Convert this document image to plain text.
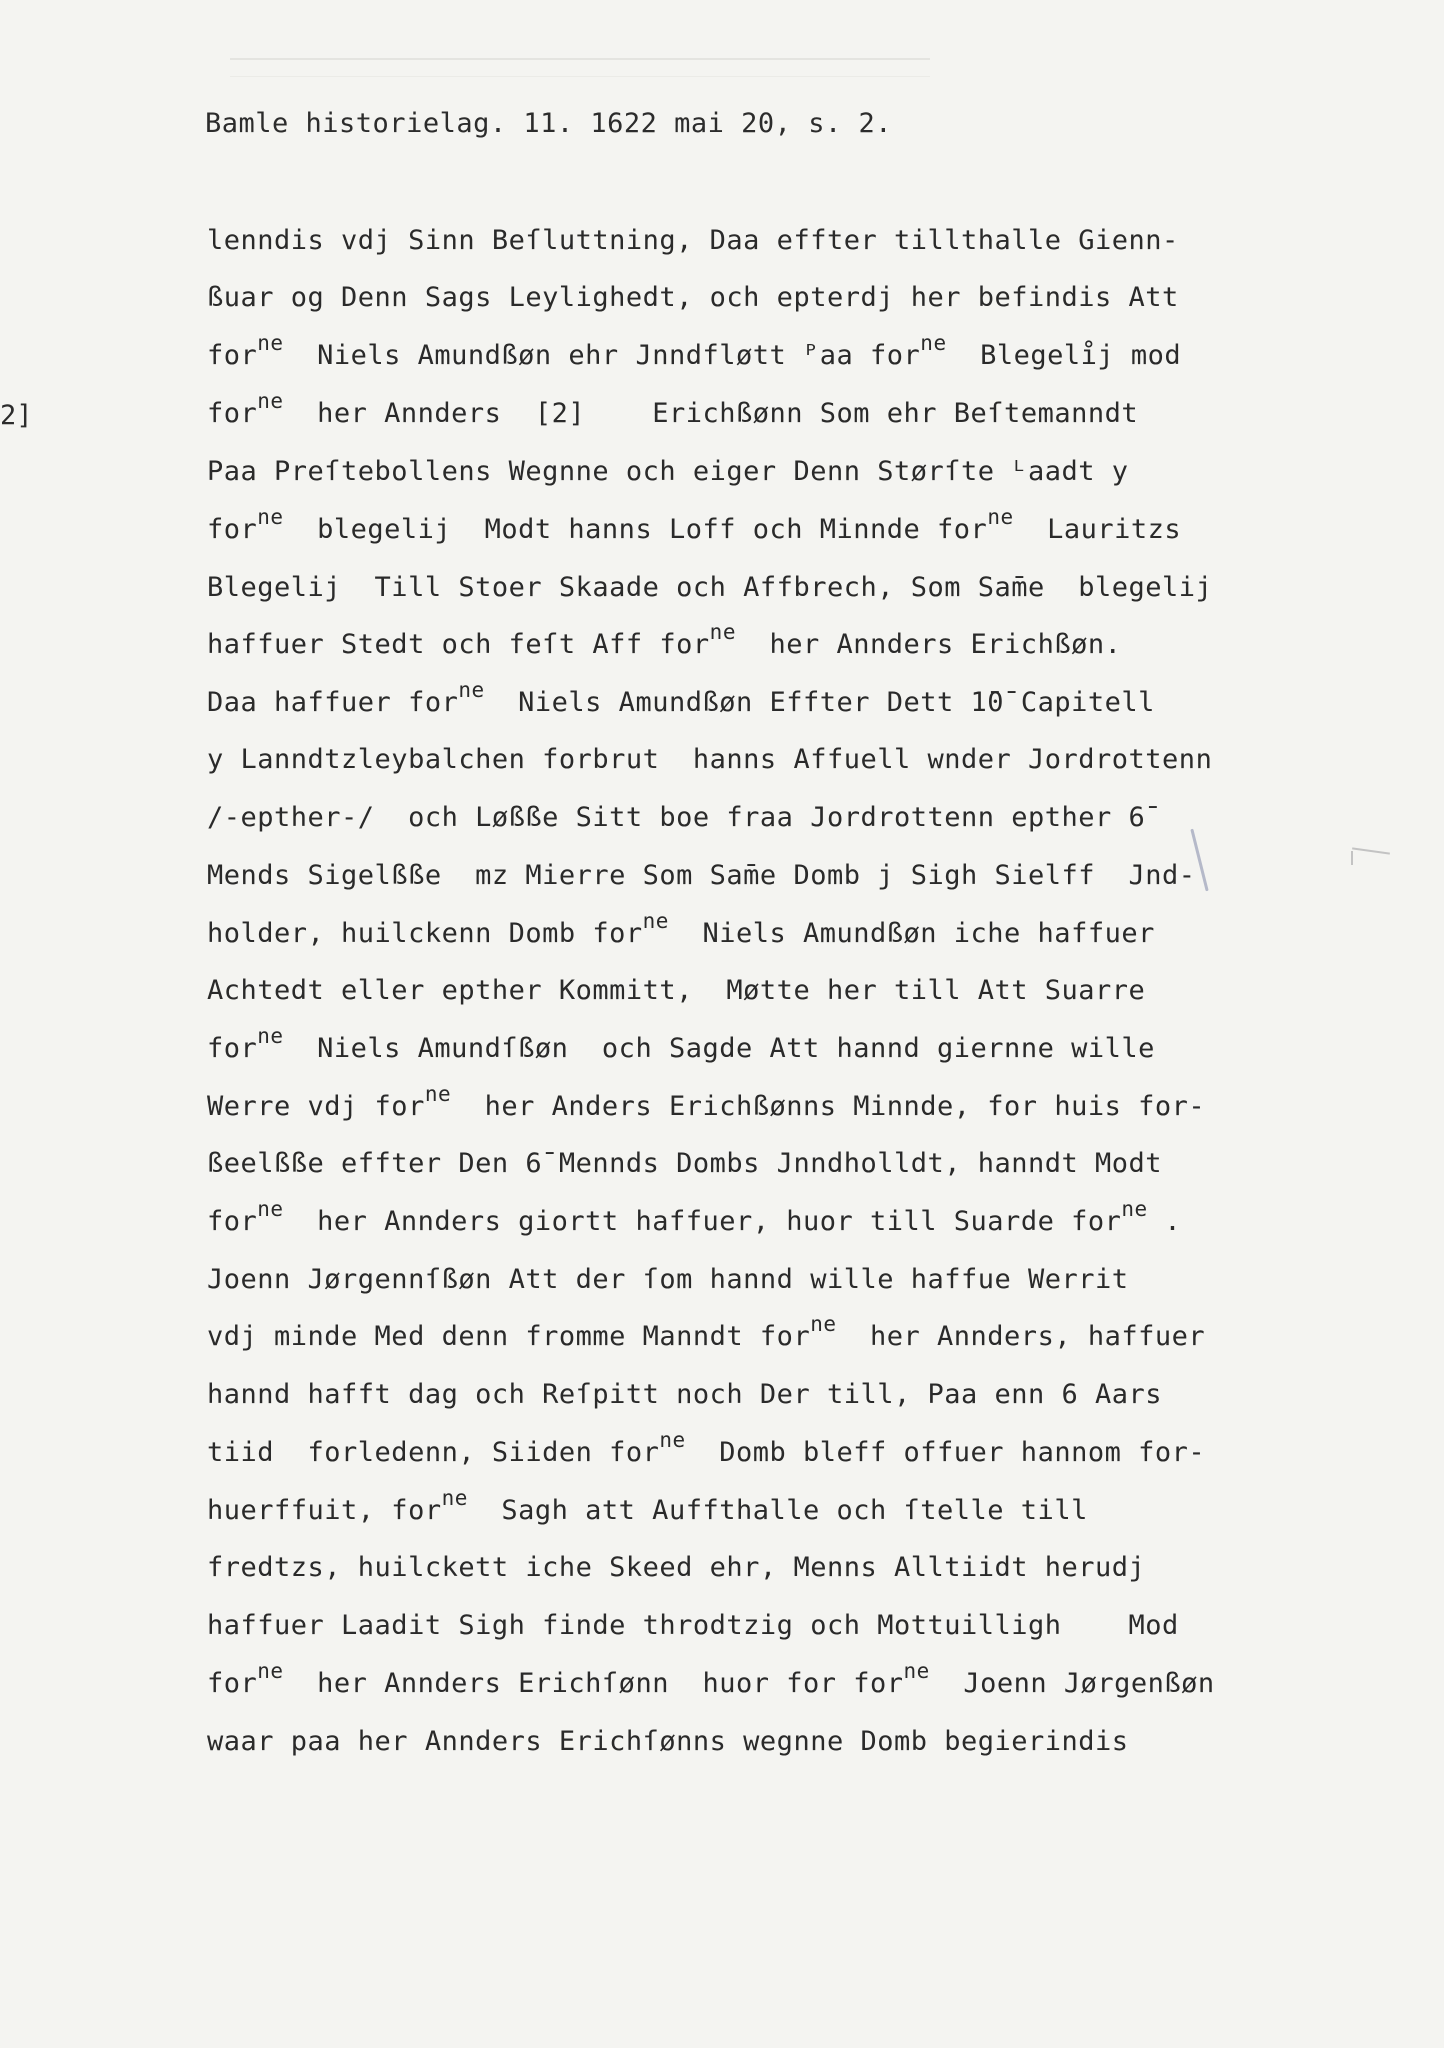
Bamle historielag. 11. 1622 mai 20, s. 2.
2]
lenndis vdj Sinn Beſluttning, Daa effter tillthalle Gienn-
ßuar og Denn Sags Leylighedt, och epterdj her befindis Att
for$^{ne}$  Niels Amundßøn ehr Jnndfløtt ᴾaa for$^{ne}$  Blegeli̊j mod
for$^{ne}$  her Annders  [2]    Erichßønn Som ehr Beſtemanndt
Paa Preſtebollens Wegnne och eiger Denn Størſte ᴸaadt y
for$^{ne}$  blegelij  Modt hanns Loff och Minnde for$^{ne}$  Lauritzs
Blegelij  Till Stoer Skaade och Affbrech, Som Sam̄e  blegelij
haffuer Stedt och feſt Aff for$^{ne}$  her Annders Erichßøn.
Daa haffuer for$^{ne}$  Niels Amundßøn Effter Dett 1̄0̄ Capitell
y Lanndtzleybalchen forbrut  hanns Affuell wnder Jordrottenn
/-epther-/  och Løßße Sitt boe fraa Jordrottenn epther 6̄
Mends Sigelßße  mz Mierre Som Sam̄e Domb j Sigh Sielff  Jnd-
holder, huilckenn Domb for$^{ne}$  Niels Amundßøn iche haffuer
Achtedt eller epther Kommitt,  Møtte her till Att Suarre
for$^{ne}$  Niels Amundſßøn  och Sagde Att hannd giernne wille
Werre vdj for$^{ne}$  her Anders Erichßønns Minnde, for huis for-
ßeelßße effter Den 6̄ Mennds Dombs Jnndholldt, hanndt Modt
for$^{ne}$  her Annders giortt haffuer, huor till Suarde for$^{ne}$ .
Joenn Jørgennſßøn Att der ſom hannd wille haffue Werrit
vdj minde Med denn fromme Manndt for$^{ne}$  her Annders, haffuer
hannd hafft dag och Reſpitt noch Der till, Paa enn 6 Aars
tiid  forledenn, Siiden for$^{ne}$  Domb bleff offuer hannom for-
huerffuit, for$^{ne}$  Sagh att Auffthalle och ſtelle till
fredtzs, huilckett iche Skeed ehr, Menns Alltiidt herudj
haffuer Laadit Sigh finde throdtzig och Mottuilligh    Mod
for$^{ne}$  her Annders Erichſønn  huor for for$^{ne}$  Joenn Jørgenßøn
waar paa her Annders Erichſønns wegnne Domb begierindis
